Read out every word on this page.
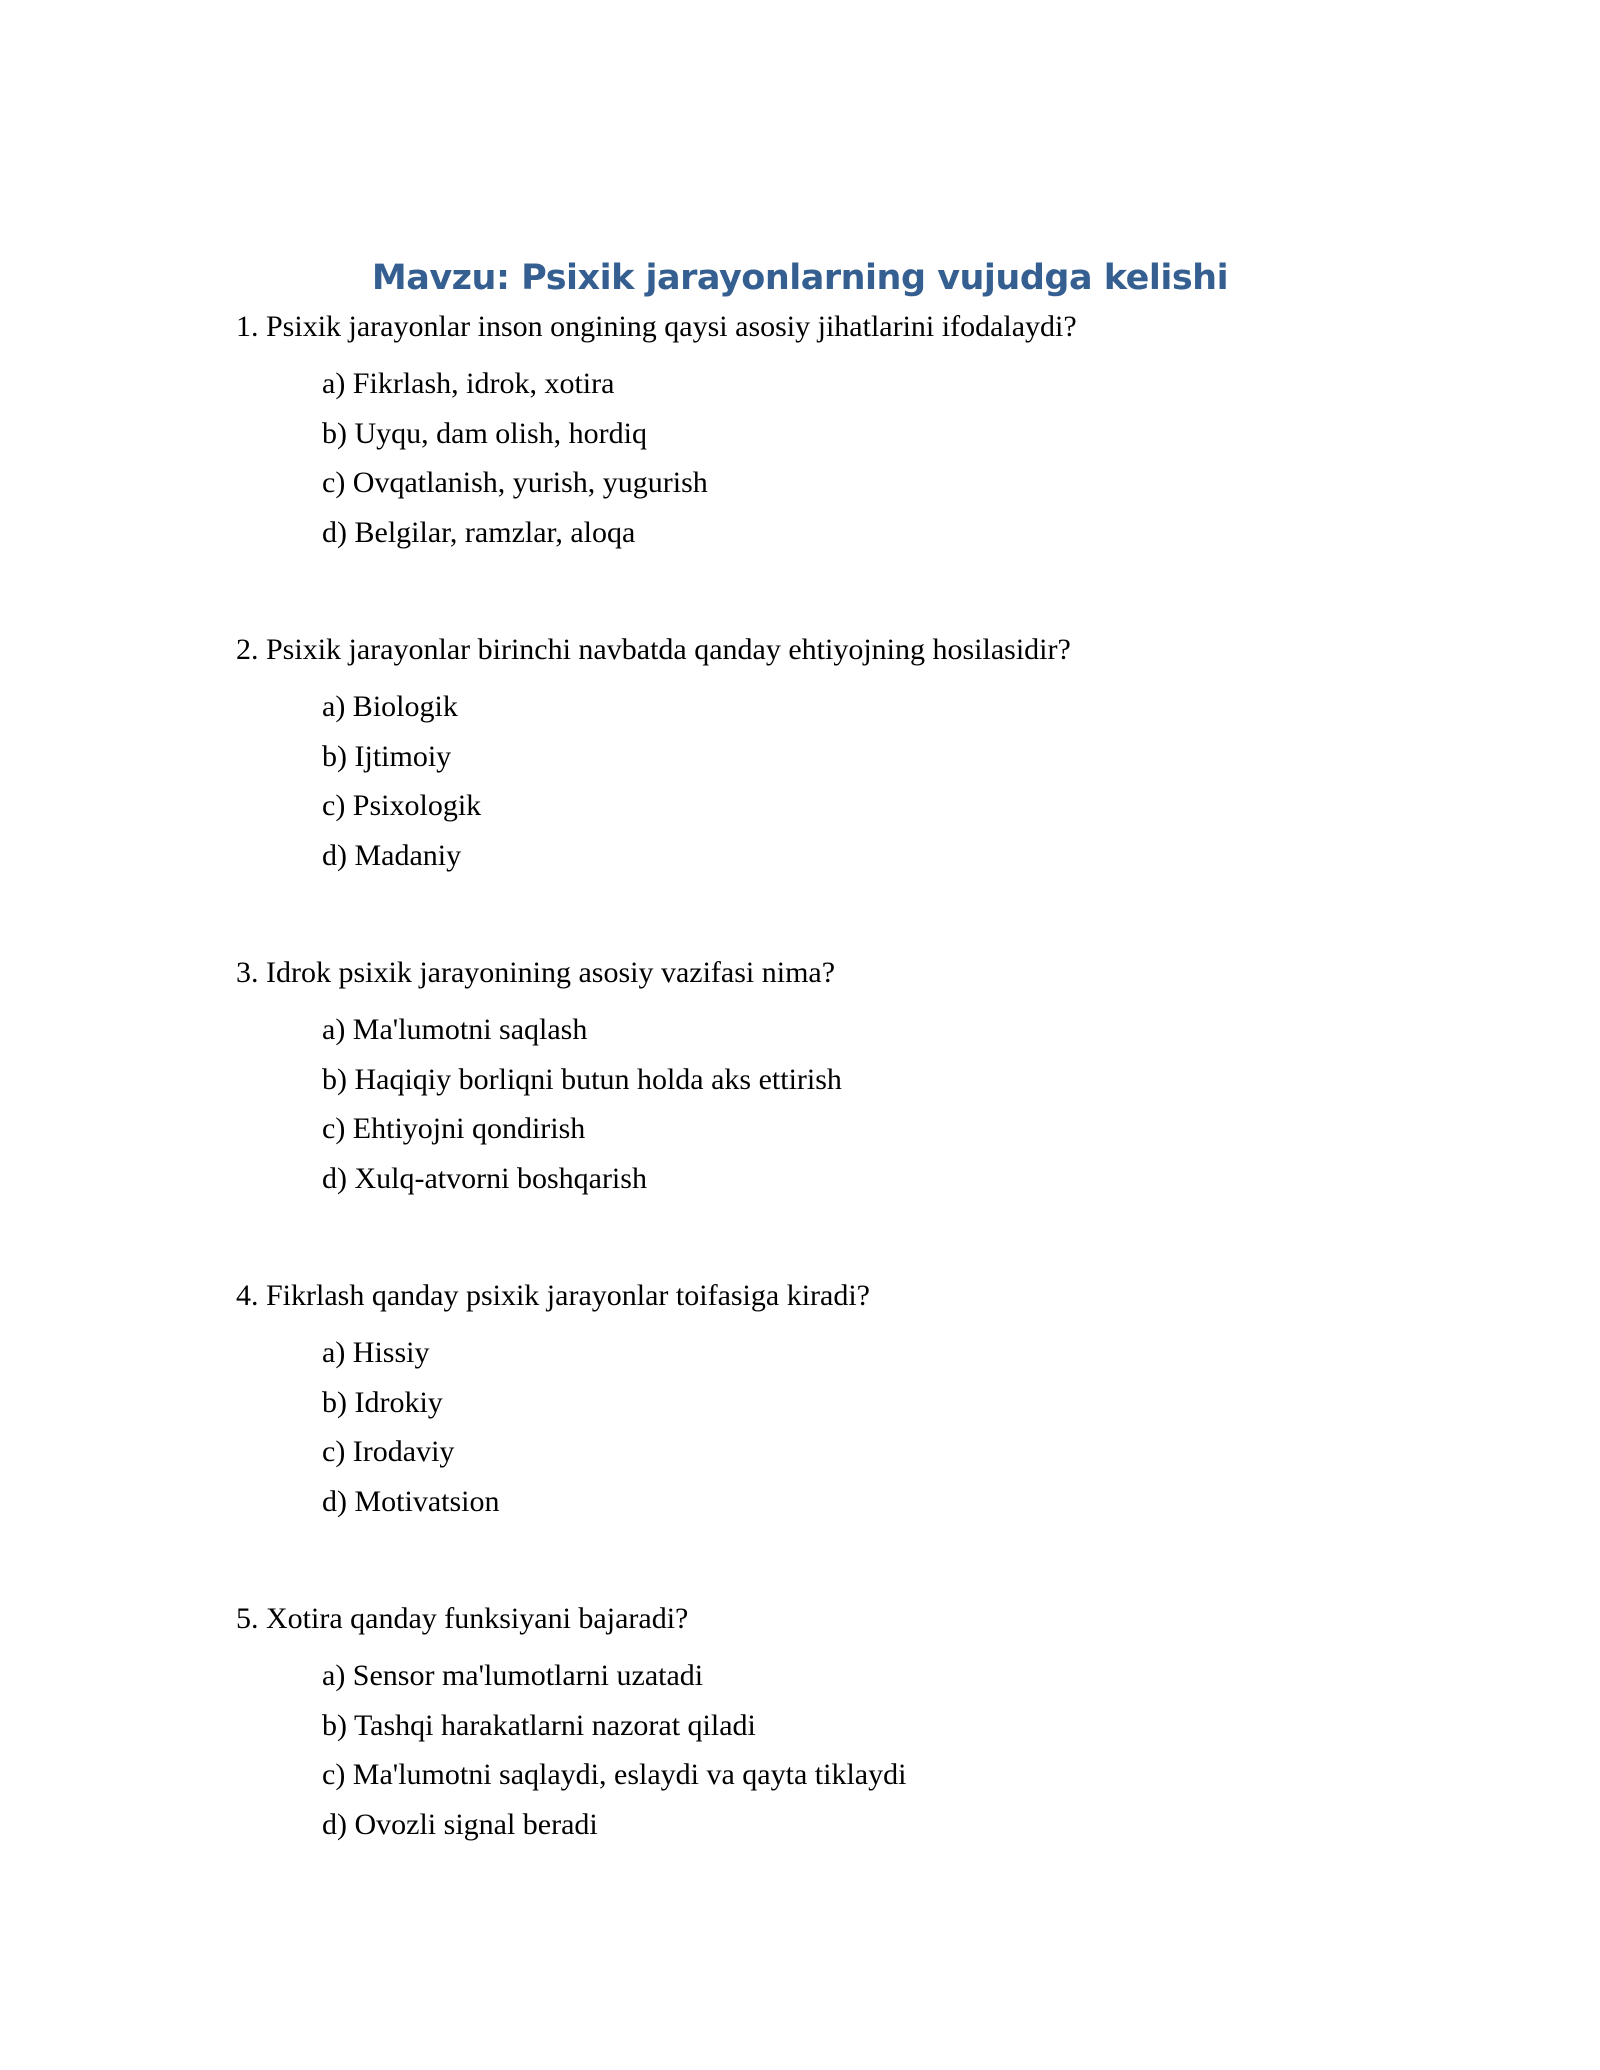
Mavzu: Psixik jarayonlarning vujudga kelishi
1. Psixik jarayonlar inson ongining qaysi asosiy jihatlarini ifodalaydi?
a) Fikrlash, idrok, xotira
b) Uyqu, dam olish, hordiq
c) Ovqatlanish, yurish, yugurish
d) Belgilar, ramzlar, aloqa
2. Psixik jarayonlar birinchi navbatda qanday ehtiyojning hosilasidir?
a) Biologik
b) Ijtimoiy
c) Psixologik
d) Madaniy
3. Idrok psixik jarayonining asosiy vazifasi nima?
a) Ma'lumotni saqlash
b) Haqiqiy borliqni butun holda aks ettirish
c) Ehtiyojni qondirish
d) Xulq-atvorni boshqarish
4. Fikrlash qanday psixik jarayonlar toifasiga kiradi?
a) Hissiy
b) Idrokiy
c) Irodaviy
d) Motivatsion
5. Xotira qanday funksiyani bajaradi?
a) Sensor ma'lumotlarni uzatadi
b) Tashqi harakatlarni nazorat qiladi
c) Ma'lumotni saqlaydi, eslaydi va qayta tiklaydi
d) Ovozli signal beradi
